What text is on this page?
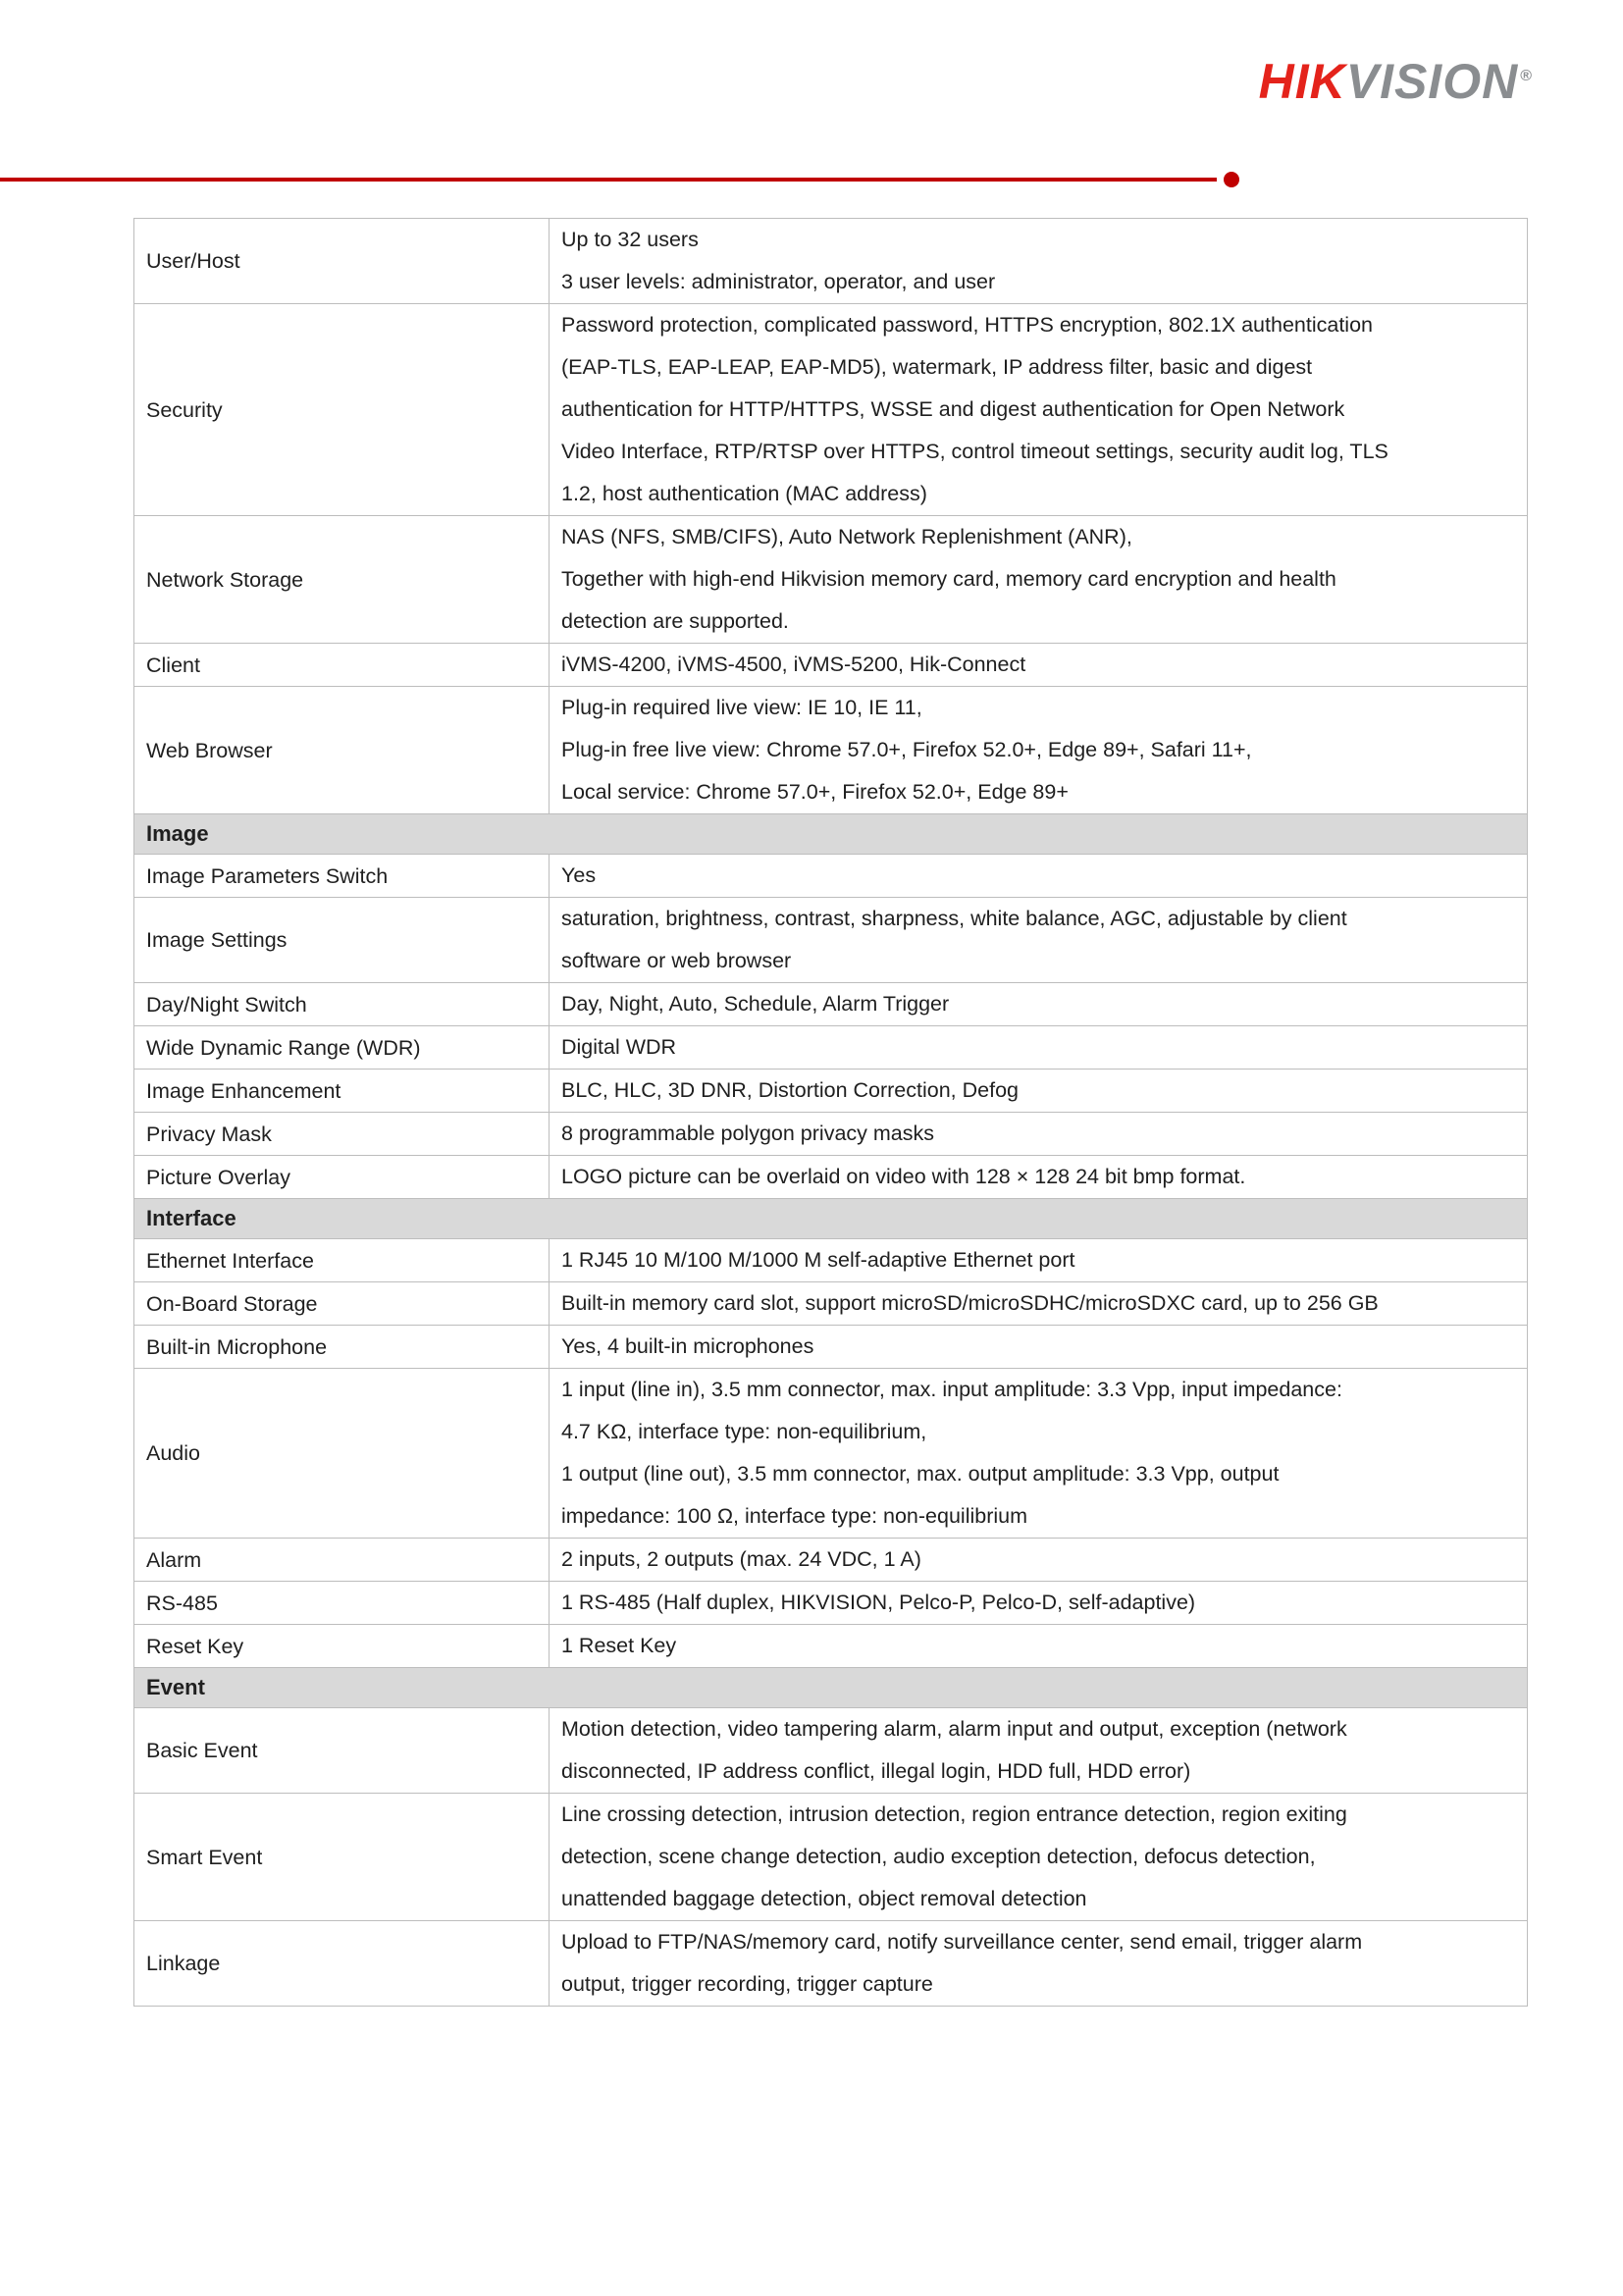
HIKVISION ®
User/Host	Up to 32 users
3 user levels: administrator, operator, and user

Security	Password protection, complicated password, HTTPS encryption, 802.1X authentication
(EAP-TLS, EAP-LEAP, EAP-MD5), watermark, IP address filter, basic and digest
authentication for HTTP/HTTPS, WSSE and digest authentication for Open Network
Video Interface, RTP/RTSP over HTTPS, control timeout settings, security audit log, TLS
1.2, host authentication (MAC address)

Network Storage	NAS (NFS, SMB/CIFS), Auto Network Replenishment (ANR),
Together with high-end Hikvision memory card, memory card encryption and health
detection are supported.

Client	iVMS-4200, iVMS-4500, iVMS-5200, Hik-Connect

Web Browser	Plug-in required live view: IE 10, IE 11,
Plug-in free live view: Chrome 57.0+, Firefox 52.0+, Edge 89+, Safari 11+,
Local service: Chrome 57.0+, Firefox 52.0+, Edge 89+

Image	
Image Parameters Switch	Yes

Image Settings	saturation, brightness, contrast, sharpness, white balance, AGC, adjustable by client
software or web browser

Day/Night Switch	Day, Night, Auto, Schedule, Alarm Trigger

Wide Dynamic Range (WDR)	Digital WDR

Image Enhancement	BLC, HLC, 3D DNR, Distortion Correction, Defog

Privacy Mask	8 programmable polygon privacy masks

Picture Overlay	LOGO picture can be overlaid on video with 128 × 128 24 bit bmp format.

Interface	
Ethernet Interface	1 RJ45 10 M/100 M/1000 M self-adaptive Ethernet port

On-Board Storage	Built-in memory card slot, support microSD/microSDHC/microSDXC card, up to 256 GB

Built-in Microphone	Yes, 4 built-in microphones

Audio	1 input (line in), 3.5 mm connector, max. input amplitude: 3.3 Vpp, input impedance:
4.7 KΩ, interface type: non-equilibrium,
1 output (line out), 3.5 mm connector, max. output amplitude: 3.3 Vpp, output
impedance: 100 Ω, interface type: non-equilibrium

Alarm	2 inputs, 2 outputs (max. 24 VDC, 1 A)

RS-485	1 RS-485 (Half duplex, HIKVISION, Pelco-P, Pelco-D, self-adaptive)

Reset Key	1 Reset Key

Event	
Basic Event	Motion detection, video tampering alarm, alarm input and output, exception (network
disconnected, IP address conflict, illegal login, HDD full, HDD error)

Smart Event	Line crossing detection, intrusion detection, region entrance detection, region exiting
detection, scene change detection, audio exception detection, defocus detection,
unattended baggage detection, object removal detection

Linkage	Upload to FTP/NAS/memory card, notify surveillance center, send email, trigger alarm
output, trigger recording, trigger capture
